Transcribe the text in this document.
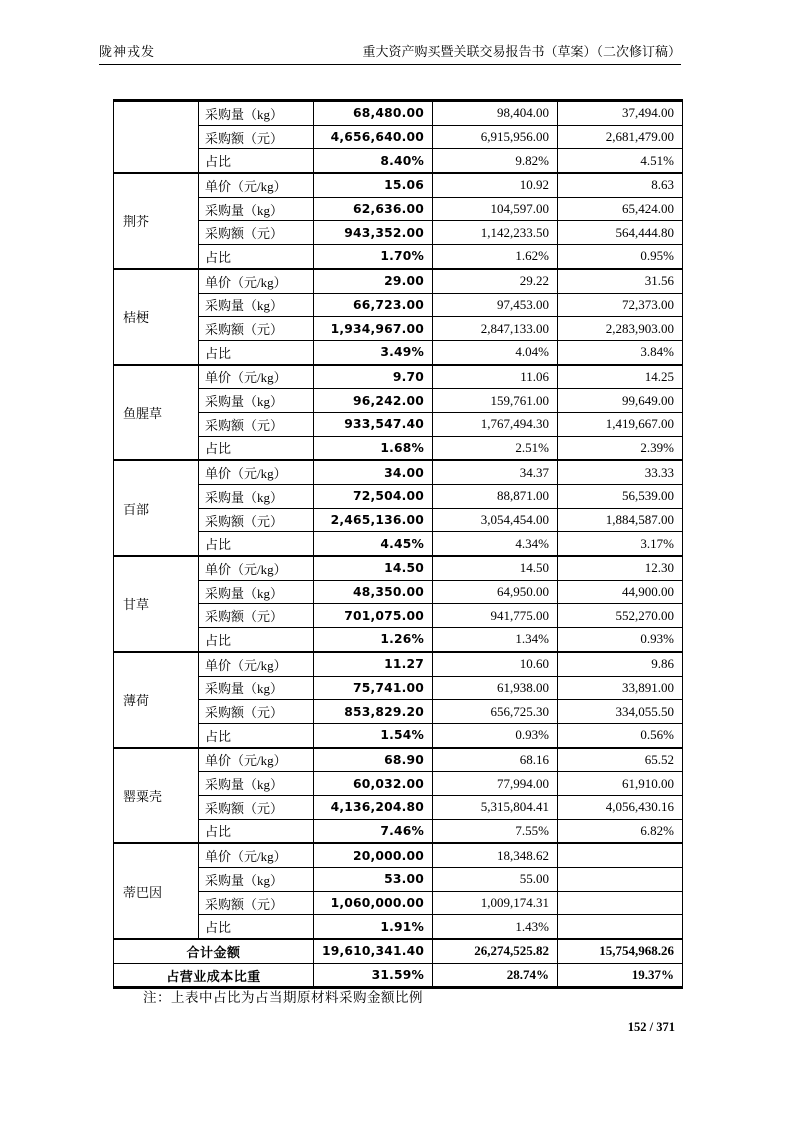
陇神戎发	重大资产购买暨关联交易报告书（草案）（二次修订稿）
	采购量（kg）	68,480.00	98,404.00	37,494.00
	采购额（元）	4,656,640.00	6,915,956.00	2,681,479.00
	占比	8.40%	9.82%	4.51%
荆芥	单价（元/kg）	15.06	10.92	8.63
	采购量（kg）	62,636.00	104,597.00	65,424.00
	采购额（元）	943,352.00	1,142,233.50	564,444.80
	占比	1.70%	1.62%	0.95%
桔梗	单价（元/kg）	29.00	29.22	31.56
	采购量（kg）	66,723.00	97,453.00	72,373.00
	采购额（元）	1,934,967.00	2,847,133.00	2,283,903.00
	占比	3.49%	4.04%	3.84%
鱼腥草	单价（元/kg）	9.70	11.06	14.25
	采购量（kg）	96,242.00	159,761.00	99,649.00
	采购额（元）	933,547.40	1,767,494.30	1,419,667.00
	占比	1.68%	2.51%	2.39%
百部	单价（元/kg）	34.00	34.37	33.33
	采购量（kg）	72,504.00	88,871.00	56,539.00
	采购额（元）	2,465,136.00	3,054,454.00	1,884,587.00
	占比	4.45%	4.34%	3.17%
甘草	单价（元/kg）	14.50	14.50	12.30
	采购量（kg）	48,350.00	64,950.00	44,900.00
	采购额（元）	701,075.00	941,775.00	552,270.00
	占比	1.26%	1.34%	0.93%
薄荷	单价（元/kg）	11.27	10.60	9.86
	采购量（kg）	75,741.00	61,938.00	33,891.00
	采购额（元）	853,829.20	656,725.30	334,055.50
	占比	1.54%	0.93%	0.56%
罂粟壳	单价（元/kg）	68.90	68.16	65.52
	采购量（kg）	60,032.00	77,994.00	61,910.00
	采购额（元）	4,136,204.80	5,315,804.41	4,056,430.16
	占比	7.46%	7.55%	6.82%
蒂巴因	单价（元/kg）	20,000.00	18,348.62	
	采购量（kg）	53.00	55.00	
	采购额（元）	1,060,000.00	1,009,174.31	
	占比	1.91%	1.43%	
合计金额		19,610,341.40	26,274,525.82	15,754,968.26
占营业成本比重		31.59%	28.74%	19.37%
注：上表中占比为占当期原材料采购金额比例
152 / 371
